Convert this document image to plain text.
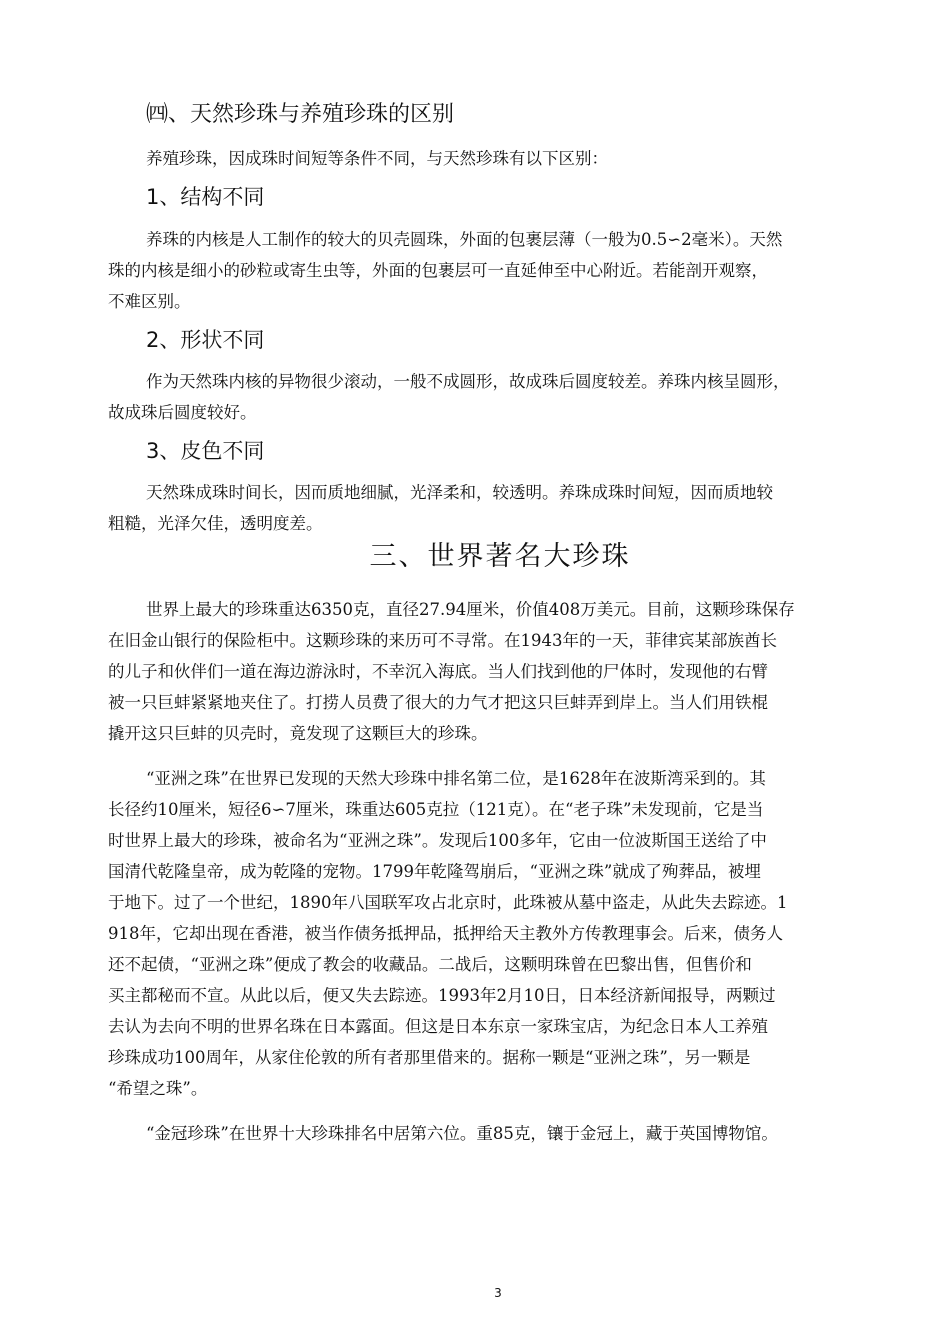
㈣、天然珍珠与养殖珍珠的区别
养殖珍珠，因成珠时间短等条件不同，与天然珍珠有以下区别：
1、结构不同
养珠的内核是人工制作的较大的贝壳圆珠，外面的包裹层薄（一般为0.5∽2毫米）。天然
珠的内核是细小的砂粒或寄生虫等，外面的包裹层可一直延伸至中心附近。若能剖开观察，
不难区别。
2、形状不同
作为天然珠内核的异物很少滚动，一般不成圆形，故成珠后圆度较差。养珠内核呈圆形，
故成珠后圆度较好。
3、皮色不同
天然珠成珠时间长，因而质地细腻，光泽柔和，较透明。养珠成珠时间短，因而质地较
粗糙，光泽欠佳，透明度差。
三、世界著名大珍珠
世界上最大的珍珠重达6350克，直径27.94厘米，价值408万美元。目前，这颗珍珠保存
在旧金山银行的保险柜中。这颗珍珠的来历可不寻常。在1943年的一天，菲律宾某部族酋长
的儿子和伙伴们一道在海边游泳时，不幸沉入海底。当人们找到他的尸体时，发现他的右臂
被一只巨蚌紧紧地夹住了。打捞人员费了很大的力气才把这只巨蚌弄到岸上。当人们用铁棍
撬开这只巨蚌的贝壳时，竟发现了这颗巨大的珍珠。
“亚洲之珠”在世界已发现的天然大珍珠中排名第二位，是1628年在波斯湾采到的。其
长径约10厘米，短径6∽7厘米，珠重达605克拉（121克）。在“老子珠”未发现前，它是当
时世界上最大的珍珠，被命名为“亚洲之珠”。发现后100多年，它由一位波斯国王送给了中
国清代乾隆皇帝，成为乾隆的宠物。1799年乾隆驾崩后，“亚洲之珠”就成了殉葬品，被埋
于地下。过了一个世纪，1890年八国联军攻占北京时，此珠被从墓中盗走，从此失去踪迹。1
918年，它却出现在香港，被当作债务抵押品，抵押给天主教外方传教理事会。后来，债务人
还不起债，“亚洲之珠”便成了教会的收藏品。二战后，这颗明珠曾在巴黎出售，但售价和
买主都秘而不宣。从此以后，便又失去踪迹。1993年2月10日，日本经济新闻报导，两颗过
去认为去向不明的世界名珠在日本露面。但这是日本东京一家珠宝店，为纪念日本人工养殖
珍珠成功100周年，从家住伦敦的所有者那里借来的。据称一颗是“亚洲之珠”，另一颗是
“希望之珠”。
“金冠珍珠”在世界十大珍珠排名中居第六位。重85克，镶于金冠上，藏于英国博物馆。
3
